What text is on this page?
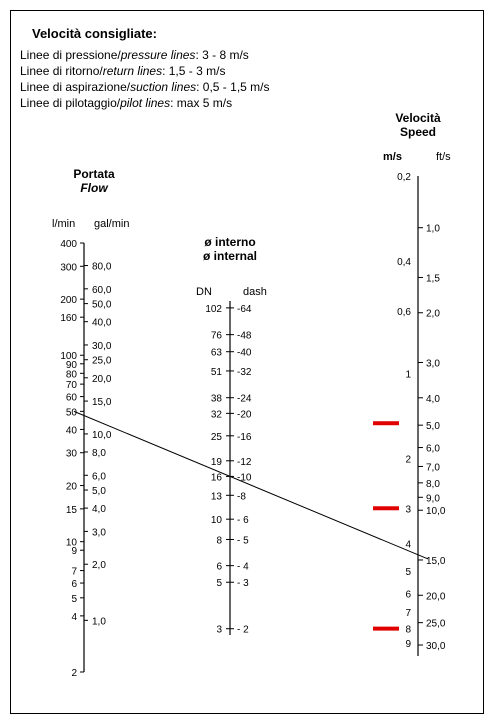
Velocità consigliate:
Linee di pressione/pressure lines: 3 - 8 m/s
Linee di ritorno/return lines: 1,5 - 3 m/s
Linee di aspirazione/suction lines: 0,5 - 1,5 m/s
Linee di pilotaggio/pilot lines: max 5 m/s
Portata
Flow
l/min gal/min
ø interno
ø internal
DN	dash
Velocità
Speed
m/s	ft/s
400
300
200
160
100
90
80
70
60
50
40
30
20
15
10
9
7
6
5
4
2
80,0
60,0
50,0
40,0
30,0
25,0
20,0
15,0
10,0
8,0
6,0
5,0
4,0
3,0
2,0
1,0
102 -64
76 -48
63 -40
51 -32
38 -24
32 -20
25 -16
19 -12
16 -10
13 -8
10 - 6
8 - 5
6 - 4
5 - 3
3 - 2
0,2
0,4
0,6
1
2
3
4
5
6
7
8
9
1,0
1,5
2,0
3,0
4,0
5,0
6,0
7,0
8,0
9,0
10,0
15,0
20,0
25,0
30,0
